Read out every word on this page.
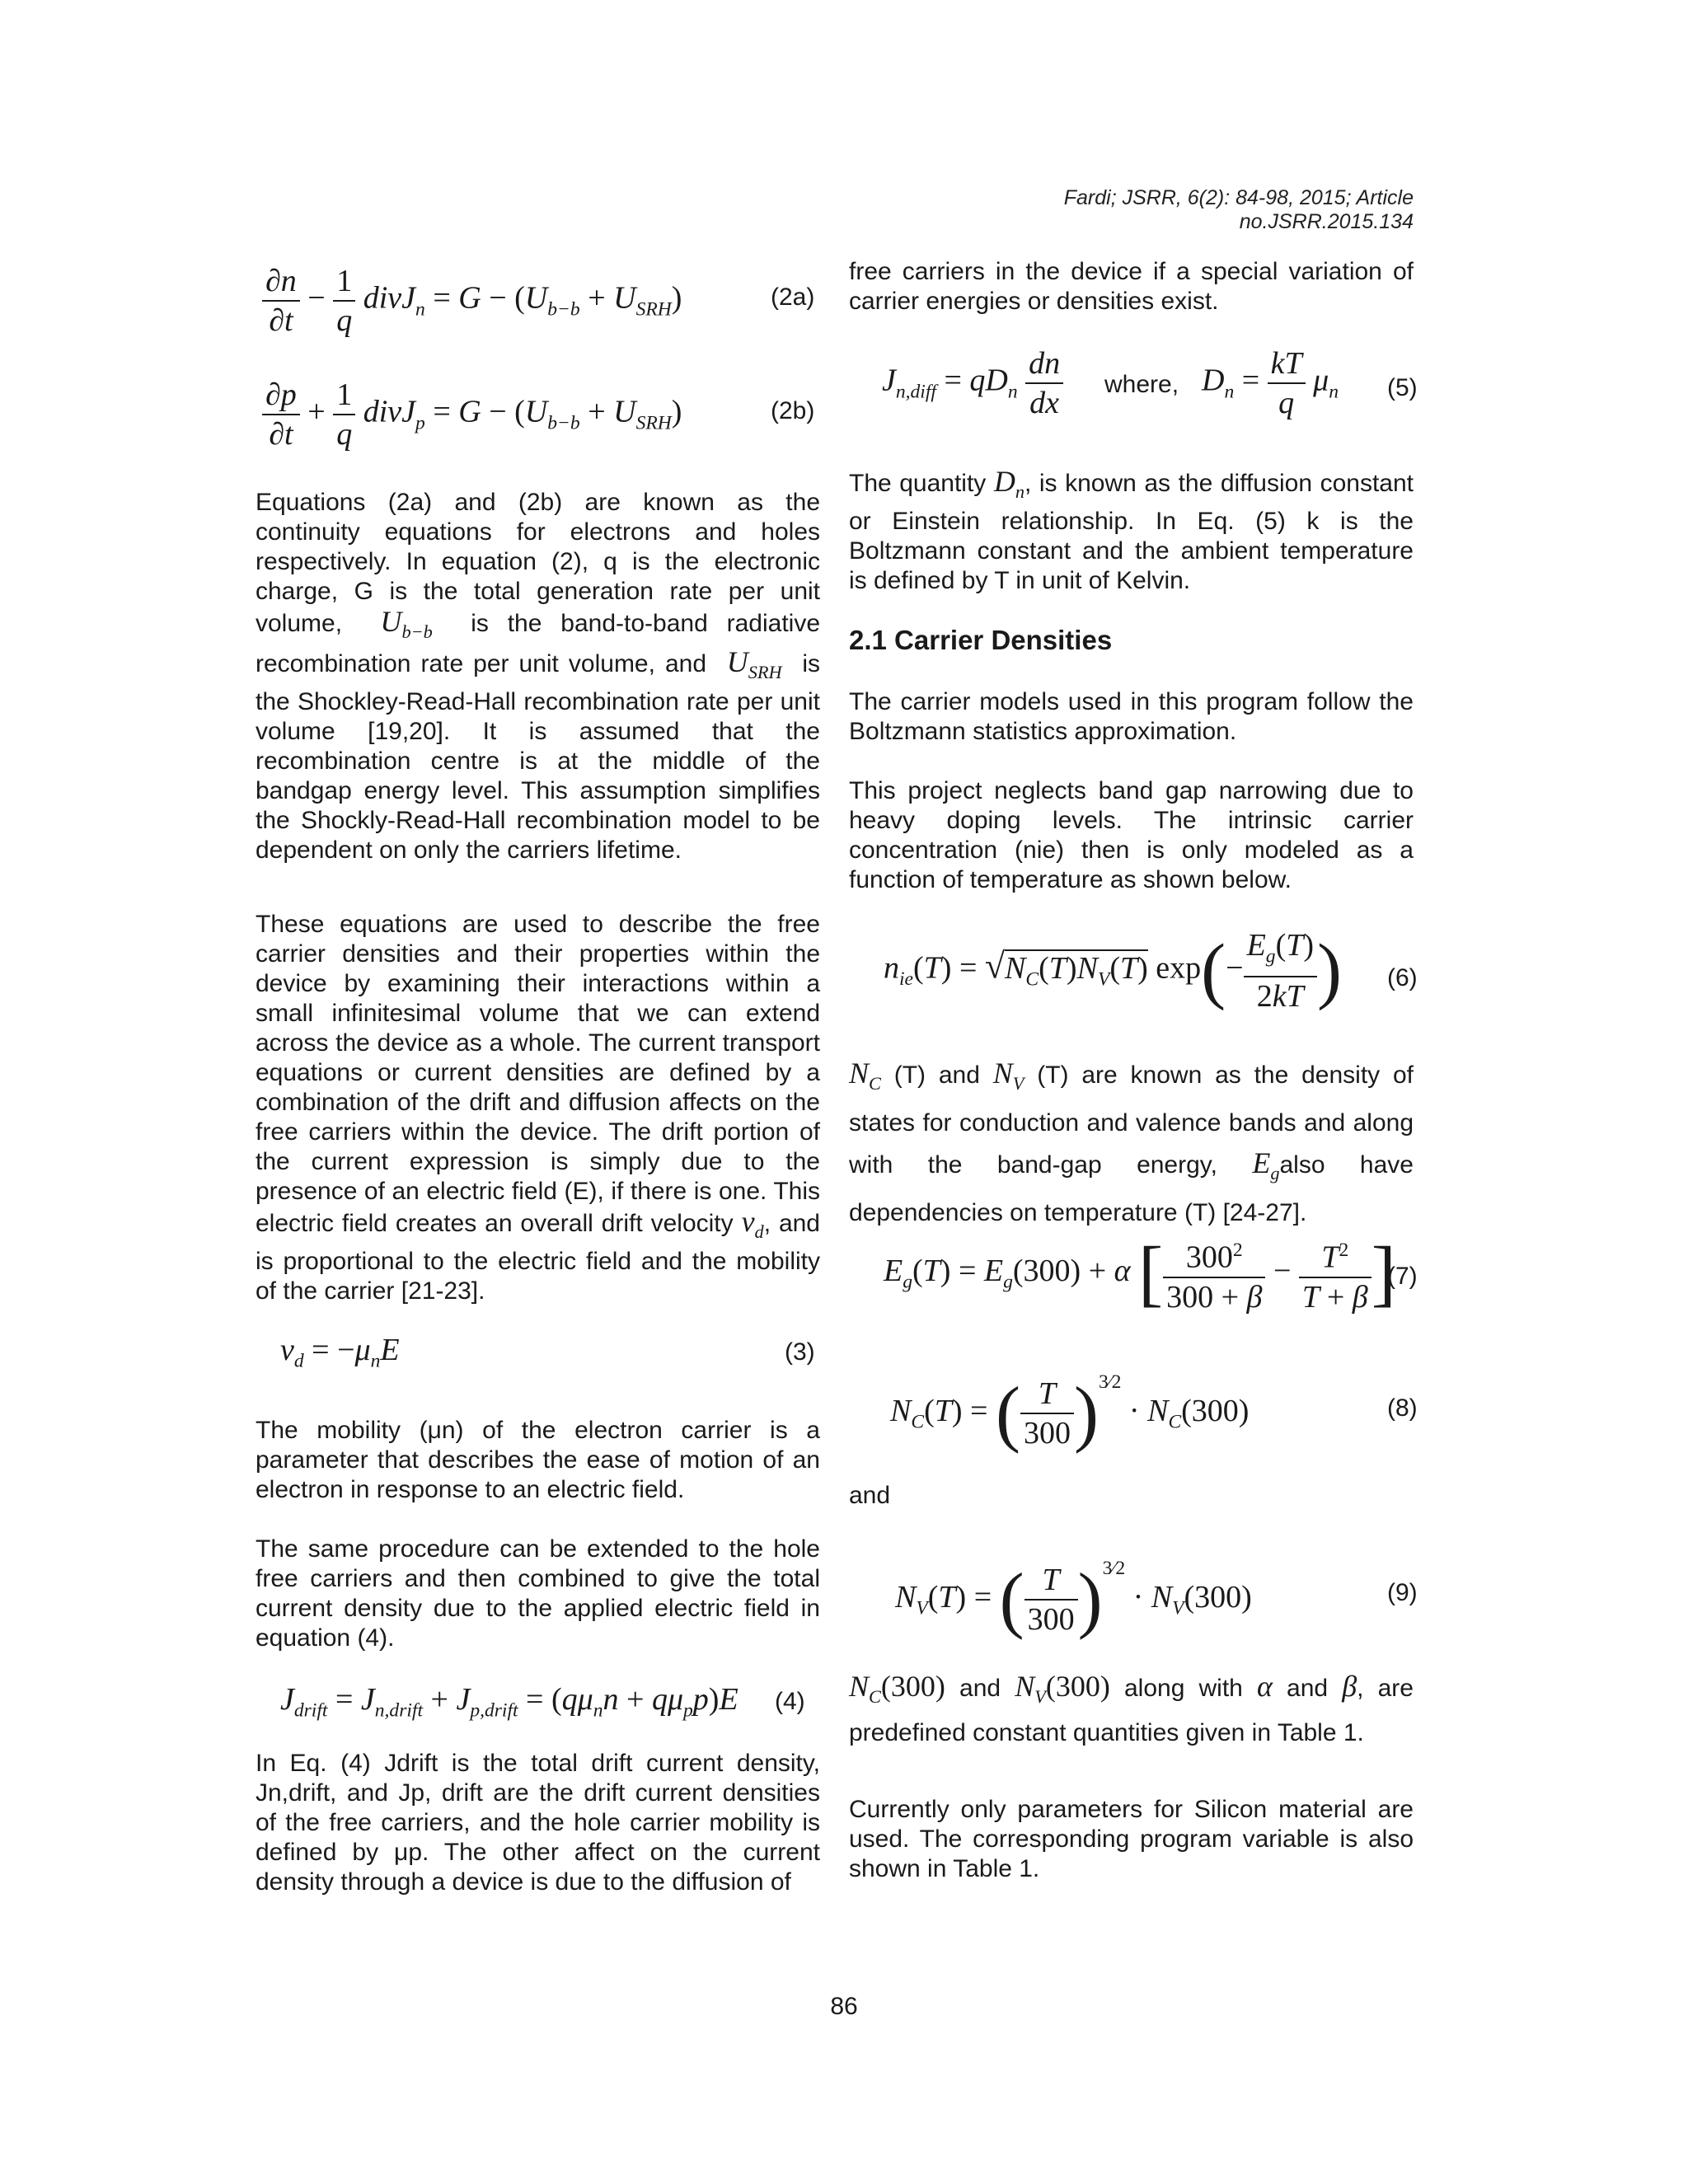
Fardi; JSRR, 6(2): 84-98, 2015; Article no.JSRR.2015.134
$\frac{\partial n}{\partial t} - \frac{1}{q}$ divJ$_n$ = $G - (U_{b-b} + U_{SRH})$	(2a)
$\frac{\partial p}{\partial t} + \frac{1}{q}$ divJ$_p$ = $G - (U_{b-b} + U_{SRH})$	(2b)

Equations (2a) and (2b) are known as the continuity equations for electrons and holes respectively. In equation (2), q is the electronic charge, G is the total generation rate per unit volume,  $U_{b-b}$ is the band-to-band radiative recombination rate per unit volume, and  $U_{SRH}$ is the Shockley-Read-Hall recombination rate per unit volume [19,20]. It is assumed that the recombination centre is at the middle of the bandgap energy level. This assumption simplifies the Shockly-Read-Hall recombination model to be dependent on only the carriers lifetime.

These equations are used to describe the free carrier densities and their properties within the device by examining their interactions within a small infinitesimal volume that we can extend across the device as a whole. The current transport equations or current densities are defined by a combination of the drift and diffusion affects on the free carriers within the device. The drift portion of the current expression is simply due to the presence of an electric field (E), if there is one. This electric field creates an overall drift velocity $v_d$, and is proportional to the electric field and the mobility of the carrier [21-23].

$v_d = -\mu_nE$	(3)

The mobility (μn) of the electron carrier is a parameter that describes the ease of motion of an electron in response to an electric field.

The same procedure can be extended to the hole free carriers and then combined to give the total current density due to the applied electric field in equation (4).

$J_{drift} = J_{n,drift} + J_{p,drift} = (q\mu_nn + q\mu_pp)E$ (4)

In Eq. (4) Jdrift is the total drift current density, Jn,drift, and Jp, drift are the drift current densities of the free carriers, and the hole carrier mobility is defined by μp. The other affect on the current density through a device is due to the diffusion of

free carriers in the device if a special variation of carrier energies or densities exist.

$J_{n,diff} = qD_n \frac{dn}{dx}$ where, $D_n = \frac{kT}{q} \mu_n$ (5)

The quantity $D_n$, is known as the diffusion constant or Einstein relationship. In Eq. (5) k is the Boltzmann constant and the ambient temperature is defined by T in unit of Kelvin.

2.1 Carrier Densities

The carrier models used in this program follow the Boltzmann statistics approximation.

This project neglects band gap narrowing due to heavy doping levels. The intrinsic carrier concentration (nie) then is only modeled as a function of temperature as shown below.

$n_{ie}(T) = √N_C(T)N_V(T)$ $\exp(- \frac{E_g(T)}{2kT}$ ) (6)

$N_C$ (T) and $N_V$ (T) are known as the density of states for conduction and valence bands and along with the band-gap energy, $E_galso$ have dependencies on temperature (T) [24-27].

$E_g(T) = E_g(300) + \alpha$ [ $\frac{300^2}{300 + \beta} - \frac{T^2}{T + \beta}$ ]
(7)
$N_C(T)$ = ( $\frac{T}{300} )^{3⁄2} \cdot N_C(300)$	(8)
and
$N_V(T)$ = ( $\frac{T}{300} )^{3⁄2} \cdot N_V(300)$	(9)

$N_C(300)$ and $N_V(300)$ along with α and β, are predefined constant quantities given in Table 1.

Currently only parameters for Silicon material are used. The corresponding program variable is also shown in Table 1.

86
